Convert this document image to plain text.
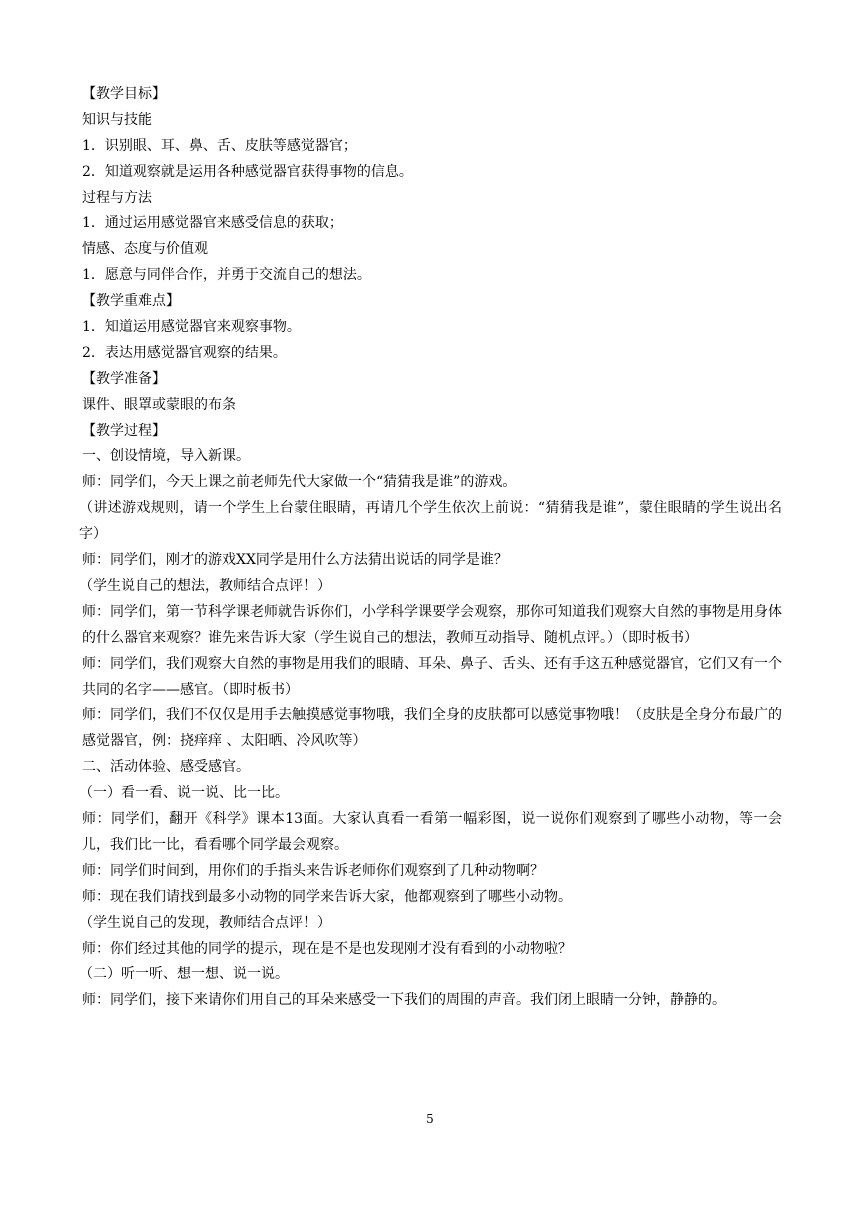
【教学目标】
知识与技能
1．识别眼、耳、鼻、舌、皮肤等感觉器官；
2．知道观察就是运用各种感觉器官获得事物的信息。
过程与方法
1．通过运用感觉器官来感受信息的获取；
情感、态度与价值观
1．愿意与同伴合作，并勇于交流自己的想法。
【教学重难点】
1．知道运用感觉器官来观察事物。
2．表达用感觉器官观察的结果。
【教学准备】
课件、眼罩或蒙眼的布条
【教学过程】
一、创设情境，导入新课。
师：同学们，今天上课之前老师先代大家做一个“猜猜我是谁”的游戏。
（讲述游戏规则，请一个学生上台蒙住眼睛，再请几个学生依次上前说：“猜猜我是谁”，蒙住眼睛的学生说出名字）
师：同学们，刚才的游戏XX同学是用什么方法猜出说话的同学是谁？
（学生说自己的想法，教师结合点评！）
师：同学们，第一节科学课老师就告诉你们，小学科学课要学会观察，那你可知道我们观察大自然的事物是用身体的什么器官来观察？谁先来告诉大家（学生说自己的想法，教师互动指导、随机点评。）（即时板书）
师：同学们，我们观察大自然的事物是用我们的眼睛、耳朵、鼻子、舌头、还有手这五种感觉器官，它们又有一个共同的名字——感官。（即时板书）
师：同学们，我们不仅仅是用手去触摸感觉事物哦，我们全身的皮肤都可以感觉事物哦！（皮肤是全身分布最广的感觉器官，例：挠痒痒 、太阳晒、冷风吹等）
二、活动体验、感受感官。
（一）看一看、说一说、比一比。
师：同学们，翻开《科学》课本13面。大家认真看一看第一幅彩图，说一说你们观察到了哪些小动物，等一会儿，我们比一比，看看哪个同学最会观察。
师：同学们时间到，用你们的手指头来告诉老师你们观察到了几种动物啊？
师：现在我们请找到最多小动物的同学来告诉大家，他都观察到了哪些小动物。
（学生说自己的发现，教师结合点评！）
师：你们经过其他的同学的提示，现在是不是也发现刚才没有看到的小动物啦？
（二）听一听、想一想、说一说。
师：同学们，接下来请你们用自己的耳朵来感受一下我们的周围的声音。我们闭上眼睛一分钟，静静的。
5
